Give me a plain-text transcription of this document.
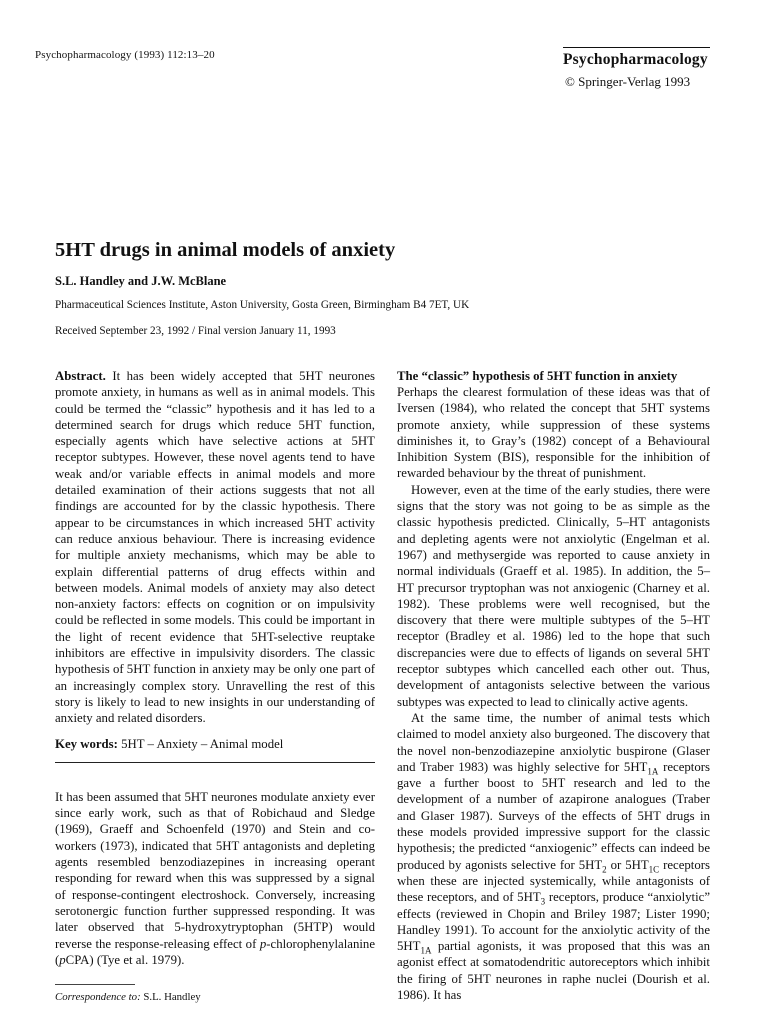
Psychopharmacology (1993) 112:13–20	Psychopharmacology
© Springer-Verlag 1993
5HT drugs in animal models of anxiety
S.L. Handley and J.W. McBlane
Pharmaceutical Sciences Institute, Aston University, Gosta Green, Birmingham B4 7ET, UK
Received September 23, 1992 / Final version January 11, 1993

Abstract. It has been widely accepted that 5HT neurones promote anxiety, in humans as well as in animal models. This could be termed the “classic” hypothesis and it has led to a determined search for drugs which reduce 5HT function, especially agents which have selective actions at 5HT receptor subtypes. However, these novel agents tend to have weak and/or variable effects in animal models and more detailed examination of their actions suggests that not all findings are accounted for by the classic hypothesis. There appear to be circumstances in which increased 5HT activity can reduce anxious behaviour. There is increasing evidence for multiple anxiety mechanisms, which may be able to explain differential patterns of drug effects within and between models. Animal models of anxiety may also detect non-anxiety factors: effects on cognition or on impulsivity could be reflected in some models. This could be important in the light of recent evidence that 5HT-selective reuptake inhibitors are effective in impulsivity disorders. The classic hypothesis of 5HT function in anxiety may be only one part of an increasingly complex story. Unravelling the rest of this story is likely to lead to new insights in our understanding of anxiety and related disorders.

Key words: 5HT – Anxiety – Animal model

It has been assumed that 5HT neurones modulate anxiety ever since early work, such as that of Robichaud and Sledge (1969), Graeff and Schoenfeld (1970) and Stein and co-workers (1973), indicated that 5HT antagonists and depleting agents resembled benzodiazepines in increasing operant responding for reward when this was suppressed by a signal of response-contingent electroshock. Conversely, increasing serotonergic function further suppressed responding. It was later observed that 5-hydroxytryptophan (5HTP) would reverse the response-releasing effect of p-chlorophenylalanine (pCPA) (Tye et al. 1979).

Correspondence to: S.L. Handley

The “classic” hypothesis of 5HT function in anxiety

Perhaps the clearest formulation of these ideas was that of Iversen (1984), who related the concept that 5HT systems promote anxiety, while suppression of these systems diminishes it, to Gray’s (1982) concept of a Behavioural Inhibition System (BIS), responsible for the inhibition of rewarded behaviour by the threat of punishment.

However, even at the time of the early studies, there were signs that the story was not going to be as simple as the classic hypothesis predicted. Clinically, 5–HT antagonists and depleting agents were not anxiolytic (Engelman et al. 1967) and methysergide was reported to cause anxiety in normal individuals (Graeff et al. 1985). In addition, the 5–HT precursor tryptophan was not anxiogenic (Charney et al. 1982). These problems were well recognised, but the discovery that there were multiple subtypes of the 5–HT receptor (Bradley et al. 1986) led to the hope that such discrepancies were due to effects of ligands on several 5HT receptor subtypes which cancelled each other out. Thus, development of antagonists selective between the various subtypes was expected to lead to clinically active agents.

At the same time, the number of animal tests which claimed to model anxiety also burgeoned. The discovery that the novel non-benzodiazepine anxiolytic buspirone (Glaser and Traber 1983) was highly selective for $5HT_{1A}$ receptors gave a further boost to 5HT research and led to the development of a number of azapirone analogues (Traber and Glaser 1987). Surveys of the effects of 5HT drugs in these models provided impressive support for the classic hypothesis; the predicted “anxiogenic” effects can indeed be produced by agonists selective for $5HT_2$ or $5HT_{1C}$ receptors when these are injected systemically, while antagonists of these receptors, and of $5HT_3$ receptors, produce “anxiolytic” effects (reviewed in Chopin and Briley 1987; Lister 1990; Handley 1991). To account for the anxiolytic activity of the $5HT_{1A}$ partial agonists, it was proposed that this was an agonist effect at somatodendritic autoreceptors which inhibit the firing of 5HT neurones in raphe nuclei (Dourish et al. 1986). It has
